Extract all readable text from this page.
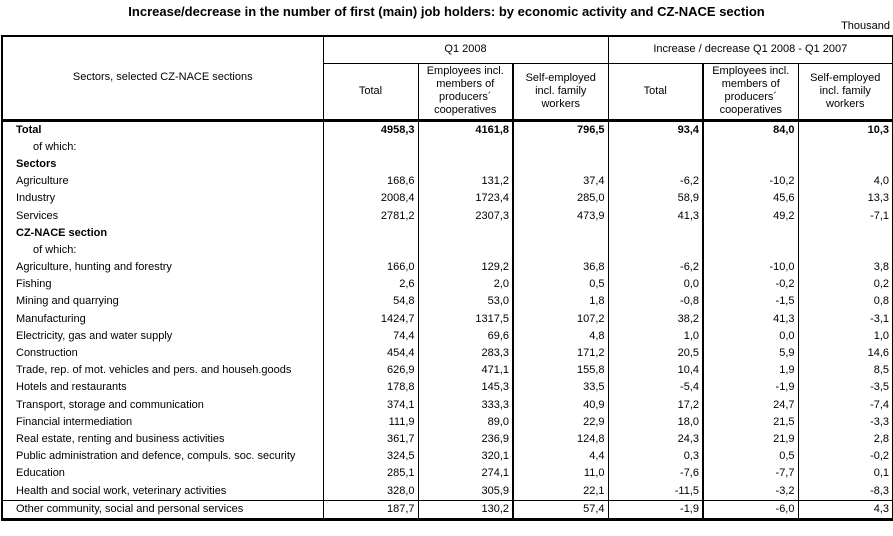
Increase/decrease in the number of first (main) job holders: by economic activity and CZ-NACE section
Thousand
Sectors, selected CZ-NACE sections	Q1 2008			Increase / decrease Q1 2008 - Q1 2007		
	Total	Employees incl. members of producers´ cooperatives	Self-employed incl. family workers	Total	Employees incl. members of producers´ cooperatives	Self-employed incl. family workers
Total	4958,3	4161,8	796,5	93,4	84,0	10,3
of which:						
Sectors						
Agriculture	168,6	131,2	37,4	-6,2	-10,2	4,0
Industry	2008,4	1723,4	285,0	58,9	45,6	13,3
Services	2781,2	2307,3	473,9	41,3	49,2	-7,1
CZ-NACE section						
of which:						
Agriculture, hunting and forestry	166,0	129,2	36,8	-6,2	-10,0	3,8
Fishing	2,6	2,0	0,5	0,0	-0,2	0,2
Mining and quarrying	54,8	53,0	1,8	-0,8	-1,5	0,8
Manufacturing	1424,7	1317,5	107,2	38,2	41,3	-3,1
Electricity, gas and water supply	74,4	69,6	4,8	1,0	0,0	1,0
Construction	454,4	283,3	171,2	20,5	5,9	14,6
Trade, rep. of mot. vehicles and pers. and househ.goods	626,9	471,1	155,8	10,4	1,9	8,5
Hotels and restaurants	178,8	145,3	33,5	-5,4	-1,9	-3,5
Transport, storage and communication	374,1	333,3	40,9	17,2	24,7	-7,4
Financial intermediation	111,9	89,0	22,9	18,0	21,5	-3,3
Real estate, renting and business activities	361,7	236,9	124,8	24,3	21,9	2,8
Public administration and defence, compuls. soc. security	324,5	320,1	4,4	0,3	0,5	-0,2
Education	285,1	274,1	11,0	-7,6	-7,7	0,1
Health and social work, veterinary activities	328,0	305,9	22,1	-11,5	-3,2	-8,3
Other community, social and personal services	187,7	130,2	57,4	-1,9	-6,0	4,3
